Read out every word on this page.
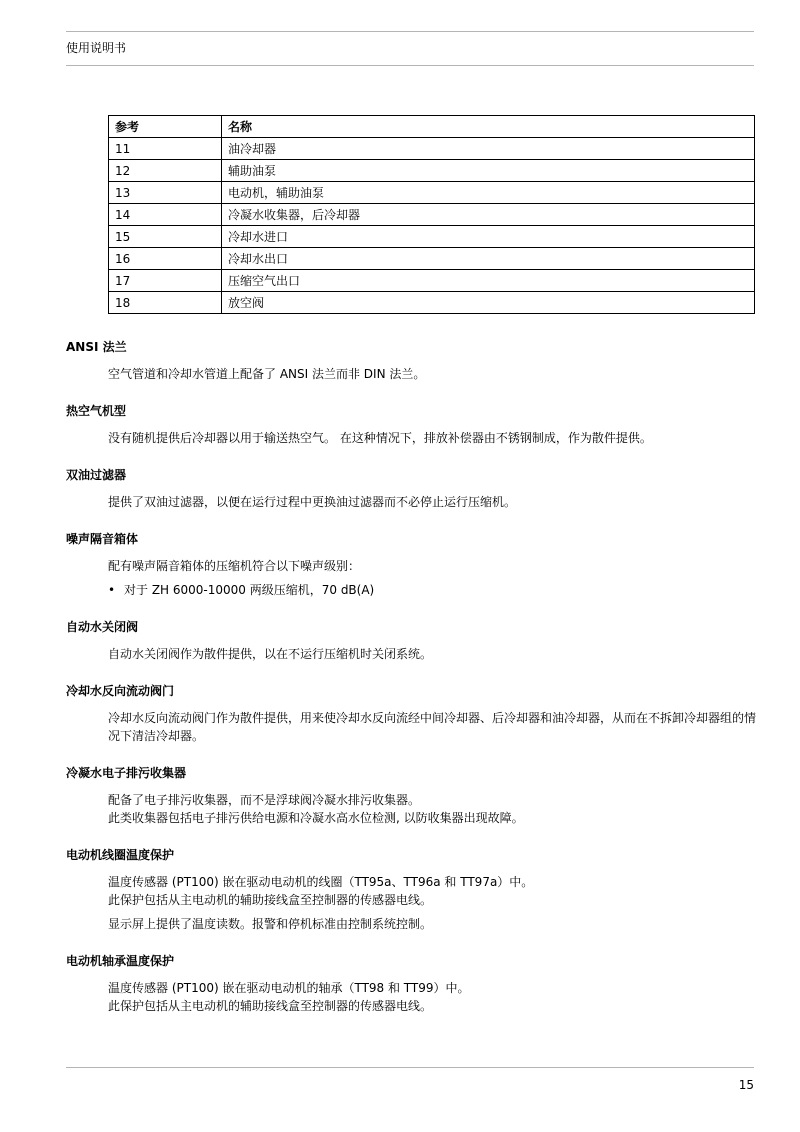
使用说明书
参考	名称
11	油冷却器
12	辅助油泵
13	电动机，辅助油泵
14	冷凝水收集器，后冷却器
15	冷却水进口
16	冷却水出口
17	压缩空气出口
18	放空阀
ANSI 法兰

空气管道和冷却水管道上配备了 ANSI 法兰而非 DIN 法兰。

热空气机型

没有随机提供后冷却器以用于输送热空气。 在这种情况下，排放补偿器由不锈钢制成，作为散件提供。

双油过滤器

提供了双油过滤器，以便在运行过程中更换油过滤器而不必停止运行压缩机。

噪声隔音箱体

配有噪声隔音箱体的压缩机符合以下噪声级别：

• 对于 ZH 6000-10000 两级压缩机，70 dB(A)
自动水关闭阀

自动水关闭阀作为散件提供，以在不运行压缩机时关闭系统。

冷却水反向流动阀门

冷却水反向流动阀门作为散件提供，用来使冷却水反向流经中间冷却器、后冷却器和油冷却器，从而在不拆卸冷却器组的情况下清洁冷却器。

冷凝水电子排污收集器

配备了电子排污收集器，而不是浮球阀冷凝水排污收集器。
此类收集器包括电子排污供给电源和冷凝水高水位检测, 以防收集器出现故障。

电动机线圈温度保护

温度传感器 (PT100) 嵌在驱动电动机的线圈（TT95a、TT96a 和 TT97a）中。
此保护包括从主电动机的辅助接线盒至控制器的传感器电线。

显示屏上提供了温度读数。报警和停机标准由控制系统控制。

电动机轴承温度保护

温度传感器 (PT100) 嵌在驱动电动机的轴承（TT98 和 TT99）中。
此保护包括从主电动机的辅助接线盒至控制器的传感器电线。

15
